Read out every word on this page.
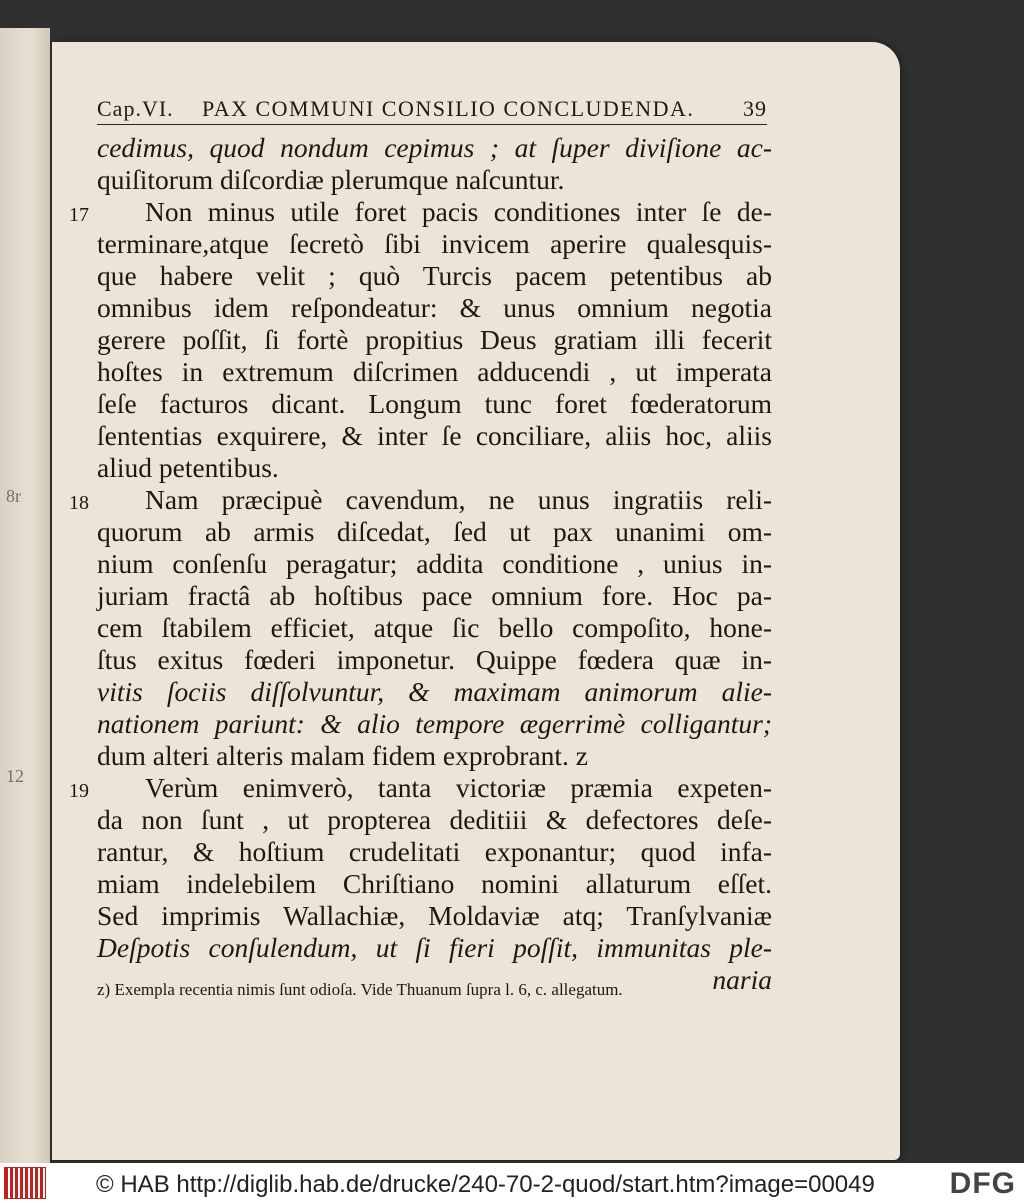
8r
12
Cap.VI. PAX COMMUNI CONSILIO CONCLUDENDA. 39
17
18
19
cedimus, quod nondum cepimus ; at ſuper diviſione ac-
quiſitorum diſcordiæ plerumque naſcuntur.
Non minus utile foret pacis conditiones inter ſe de-
terminare,atque ſecretò ſibi invicem aperire qualesquis-
que habere velit ; quò Turcis pacem petentibus ab
omnibus idem reſpondeatur: & unus omnium negotia
gerere poſſit, ſi fortè propitius Deus gratiam illi fecerit
hoſtes in extremum diſcrimen adducendi , ut imperata
ſeſe facturos dicant. Longum tunc foret fœderatorum
ſententias exquirere, & inter ſe conciliare, aliis hoc, aliis
aliud petentibus.
Nam præcipuè cavendum, ne unus ingratiis reli-
quorum ab armis diſcedat, ſed ut pax unanimi om-
nium conſenſu peragatur; addita conditione , unius in-
juriam fractâ ab hoſtibus pace omnium fore. Hoc pa-
cem ſtabilem efficiet, atque ſic bello compoſito, hone-
ſtus exitus fœderi imponetur. Quippe fœdera quæ in-
vitis ſociis diſſolvuntur, & maximam animorum alie-
nationem pariunt: & alio tempore ægerrimè colligantur;
dum alteri alteris malam fidem exprobrant. z
Verùm enimverò, tanta victoriæ præmia expeten-
da non ſunt , ut propterea deditiii & defectores deſe-
rantur, & hoſtium crudelitati exponantur; quod infa-
miam indelebilem Chriſtiano nomini allaturum eſſet.
Sed imprimis Wallachiæ, Moldaviæ atq; Tranſylvaniæ
Deſpotis conſulendum, ut ſi fieri poſſit, immunitas ple-
naria
z) Exempla recentia nimis ſunt odioſa. Vide Thuanum ſupra l. 6, c. allegatum.
© HAB http://diglib.hab.de/drucke/240-70-2-quod/start.htm?image=00049 DFG
